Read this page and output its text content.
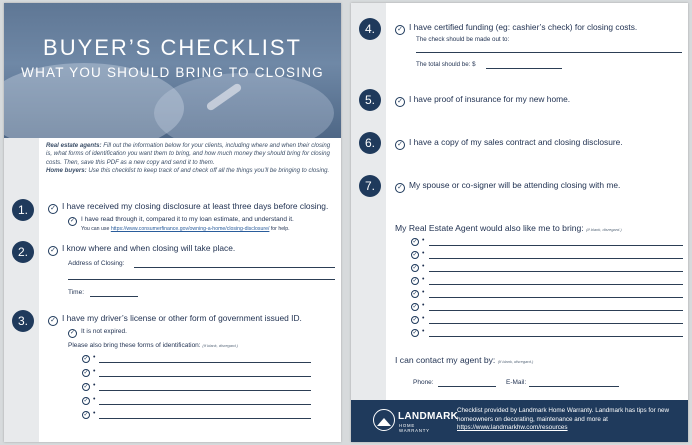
BUYER’S CHECKLIST
WHAT YOU SHOULD BRING TO CLOSING
Real estate agents: Fill out the information below for your clients, including where and when their closing is, what forms of identification you want them to bring, and how much money they should bring for closing costs. Then, save this PDF as a new copy and send it to them.
Home buyers: Use this checklist to keep track of and check off all the things you’ll be bringing to closing.
1.	✓ I have received my closing disclosure at least three days before closing.
✓ I have read through it, compared it to my loan estimate, and understand it.
You can use https://www.consumerfinance.gov/owning-a-home/closing-disclosure/ for help.
2.	✓ I know where and when closing will take place.
Address of Closing:
Time:
3.	✓ I have my driver’s license or other form of government issued ID.
✓ It is not expired.
Please also bring these forms of identification: (If blank, disregard.)
✓ •
✓ •
✓ •
✓ •
✓ •
4.	✓ I have certified funding (eg: cashier’s check) for closing costs.
The check should be made out to:
The total should be: $
5.	✓ I have proof of insurance for my new home.
6.	✓ I have a copy of my sales contract and closing disclosure.
7.	✓ My spouse or co-signer will be attending closing with me.
My Real Estate Agent would also like me to bring: (If blank, disregard.)
✓ •
✓ •
✓ •
✓ •
✓ •
✓ •
✓ •
✓ •
I can contact my agent by: (If blank, disregard.)
Phone:	E-Mail:
LANDMARK
HOME WARRANTY
Checklist provided by Landmark Home Warranty. Landmark has tips for new homeowners on decorating, maintenance and more at https://www.landmarkhw.com/resources
